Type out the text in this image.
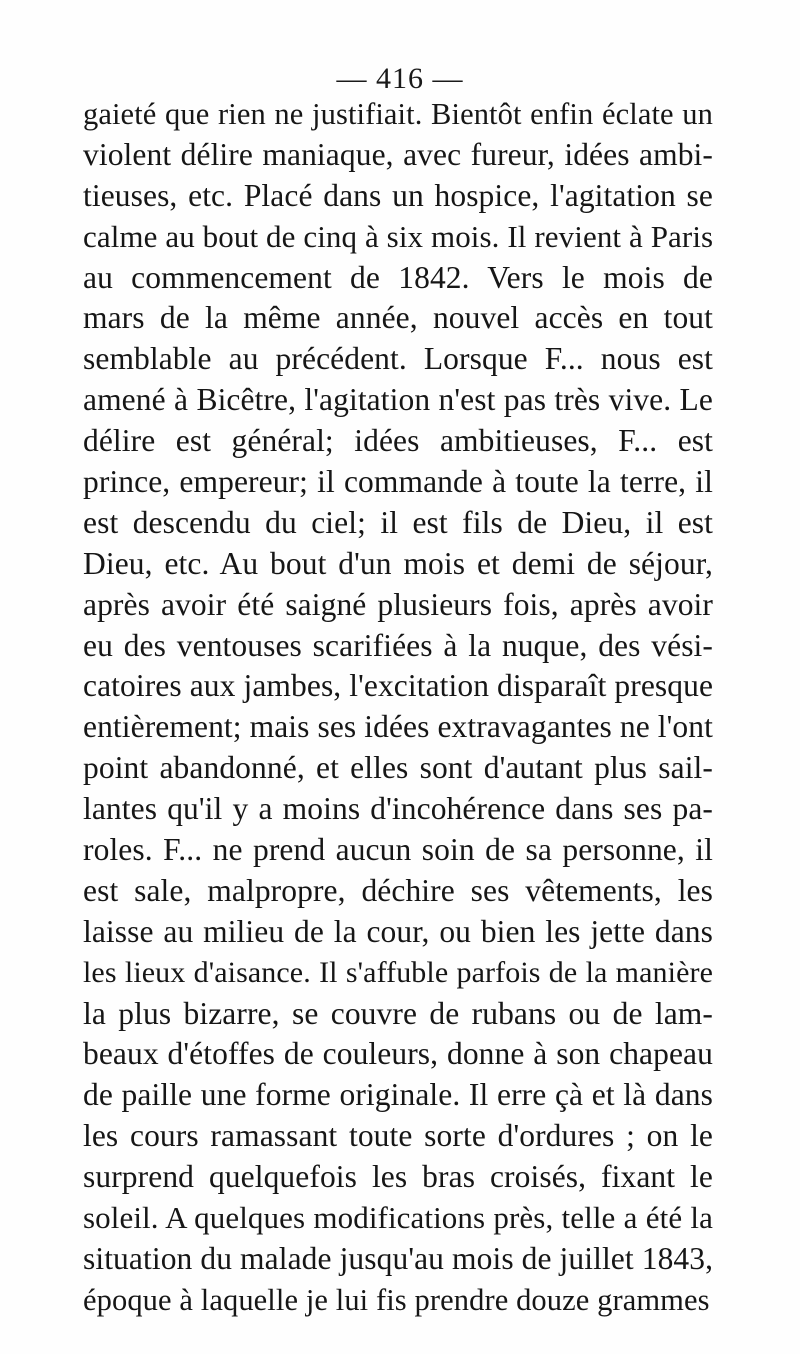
— 416 —
gaieté que rien ne justifiait. Bientôt enfin éclate un
violent délire maniaque, avec fureur, idées ambi-
tieuses, etc. Placé dans un hospice, l'agitation se
calme au bout de cinq à six mois. Il revient à Paris
au commencement de 1842. Vers le mois de
mars de la même année, nouvel accès en tout
semblable au précédent. Lorsque F... nous est
amené à Bicêtre, l'agitation n'est pas très vive. Le
délire est général; idées ambitieuses, F... est
prince, empereur; il commande à toute la terre, il
est descendu du ciel; il est fils de Dieu, il est
Dieu, etc. Au bout d'un mois et demi de séjour,
après avoir été saigné plusieurs fois, après avoir
eu des ventouses scarifiées à la nuque, des vési-
catoires aux jambes, l'excitation disparaît presque
entièrement; mais ses idées extravagantes ne l'ont
point abandonné, et elles sont d'autant plus sail-
lantes qu'il y a moins d'incohérence dans ses pa-
roles. F... ne prend aucun soin de sa personne, il
est sale, malpropre, déchire ses vêtements, les
laisse au milieu de la cour, ou bien les jette dans
les lieux d'aisance. Il s'affuble parfois de la manière
la plus bizarre, se couvre de rubans ou de lam-
beaux d'étoffes de couleurs, donne à son chapeau
de paille une forme originale. Il erre çà et là dans
les cours ramassant toute sorte d'ordures ; on le
surprend quelquefois les bras croisés, fixant le
soleil. A quelques modifications près, telle a été la
situation du malade jusqu'au mois de juillet 1843,
époque à laquelle je lui fis prendre douze grammes
